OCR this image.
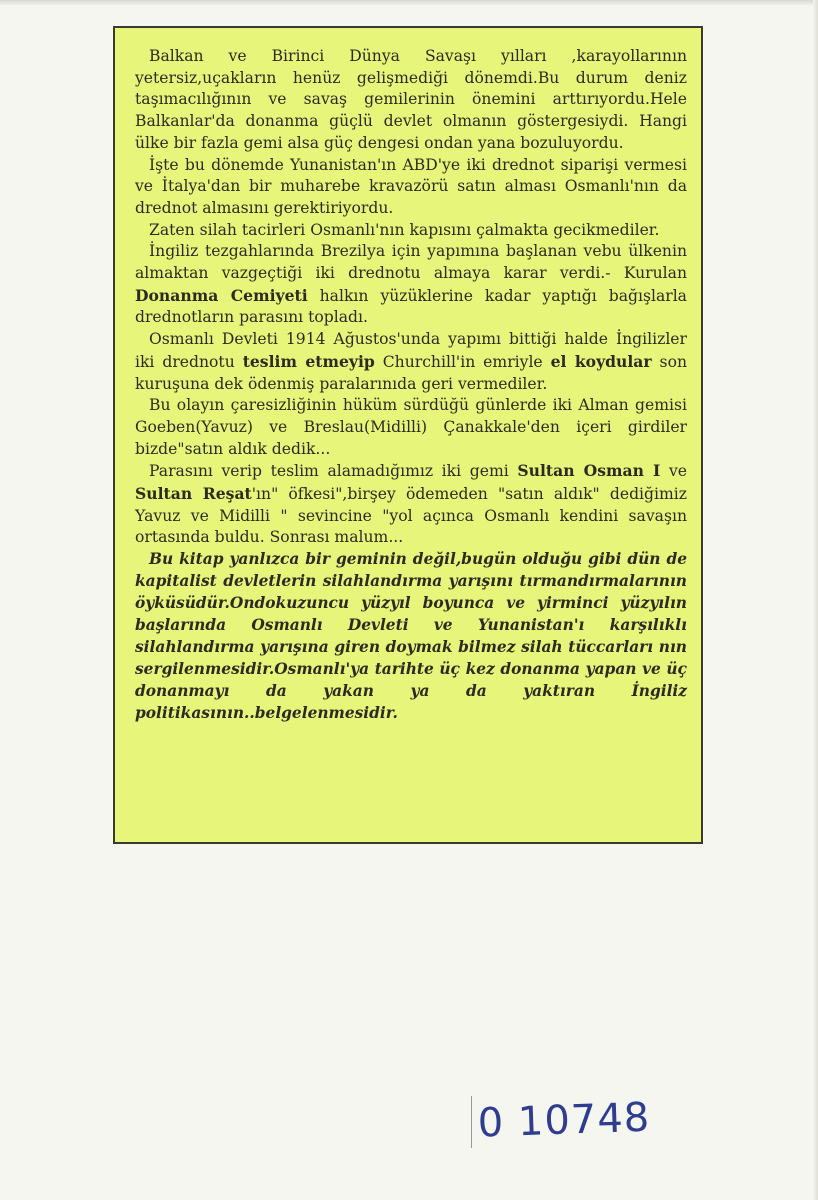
Balkan ve Birinci Dünya Savaşı yılları ,karayollarının yetersiz,uçakların henüz gelişmediği dönemdi.Bu durum deniz taşımacılığının ve savaş gemilerinin önemini arttırıyordu.Hele Balkanlar'da donanma güçlü devlet olmanın göstergesiydi. Hangi ülke bir fazla gemi alsa güç dengesi ondan yana bozuluyordu.

İşte bu dönemde Yunanistan'ın ABD'ye iki drednot siparişi vermesi ve İtalya'dan bir muharebe kravazörü satın alması Osmanlı'nın da drednot almasını gerektiriyordu.

Zaten silah tacirleri Osmanlı'nın kapısını çalmakta gecikmediler.

İngiliz tezgahlarında Brezilya için yapımına başlanan vebu ülkenin almaktan vazgeçtiği iki drednotu almaya karar verdi.- Kurulan Donanma Cemiyeti halkın yüzüklerine kadar yaptığı bağışlarla drednotların parasını topladı.

Osmanlı Devleti 1914 Ağustos'unda yapımı bittiği halde İngilizler iki drednotu teslim etmeyip Churchill'in emriyle el koydular son kuruşuna dek ödenmiş paralarınıda geri vermediler.

Bu olayın çaresizliğinin hüküm sürdüğü günlerde iki Alman gemisi Goeben(Yavuz) ve Breslau(Midilli) Çanakkale'den içeri girdiler bizde"satın aldık dedik...

Parasını verip teslim alamadığımız iki gemi Sultan Osman I ve Sultan Reşat'ın" öfkesi",birşey ödemeden "satın aldık" dediğimiz Yavuz ve Midilli " sevincine "yol açınca Osmanlı kendini savaşın ortasında buldu. Sonrası malum...

Bu kitap yanlızca bir geminin değil,bugün olduğu gibi dün de kapitalist devletlerin silahlandırma yarışını tırmandırmalarının öyküsüdür.Ondokuzuncu yüzyıl boyunca ve yirminci yüzyılın başlarında Osmanlı Devleti ve Yunanistan'ı karşılıklı silahlandırma yarışına giren doymak bilmez silah tüccarları nın sergilenmesidir.Osmanlı'ya tarihte üç kez donanma yapan ve üç donanmayı da yakan ya da yaktıran İngiliz politikasının..belgelenmesidir.

0 10748
